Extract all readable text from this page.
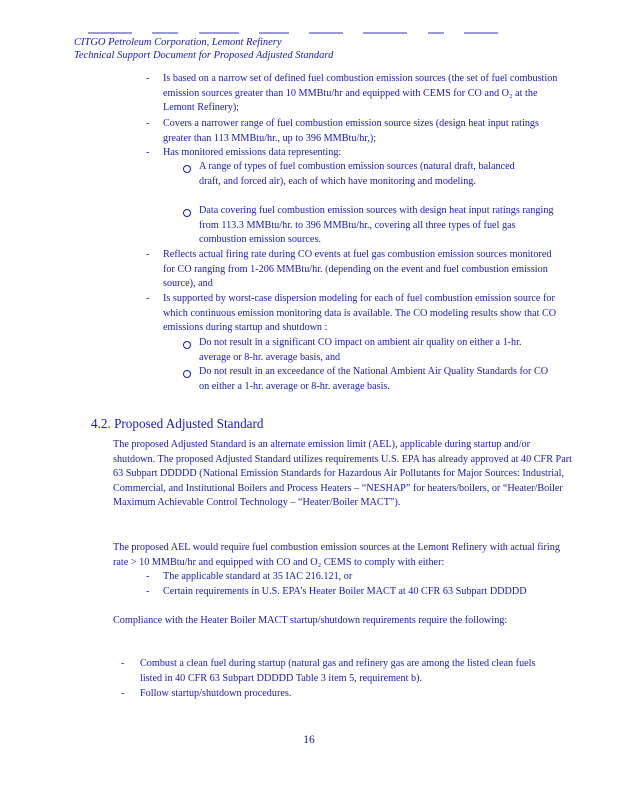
CITGO Petroleum Corporation, Lemont Refinery
Technical Support Document for Proposed Adjusted Standard
-	Is based on a narrow set of defined fuel combustion emission sources (the set of fuel combustion emission sources greater than 10 MMBtu/hr and equipped with CEMS for CO and O₂ at the Lemont Refinery);
-	Covers a narrower range of fuel combustion emission source sizes (design heat input ratings greater than 113 MMBtu/hr., up to 396 MMBtu/hr,);
-	Has monitored emissions data representing:
A range of types of fuel combustion emission sources (natural draft, balanced draft, and forced air), each of which have monitoring and modeling.
Data covering fuel combustion emission sources with design heat input ratings ranging from 113.3 MMBtu/hr. to 396 MMBtu/hr., covering all three types of fuel gas combustion emission sources.
-	Reflects actual firing rate during CO events at fuel gas combustion emission sources monitored for CO ranging from 1-206 MMBtu/hr. (depending on the event and fuel combustion emission source), and
-	Is supported by worst-case dispersion modeling for each of fuel combustion emission source for which continuous emission monitoring data is available. The CO modeling results show that CO emissions during startup and shutdown :
Do not result in a significant CO impact on ambient air quality on either a 1-hr. average or 8-hr. average basis, and
Do not result in an exceedance of the National Ambient Air Quality Standards for CO on either a 1-hr. average or 8-hr. average basis.
4.2. Proposed Adjusted Standard
The proposed Adjusted Standard is an alternate emission limit (AEL), applicable during startup and/or shutdown. The proposed Adjusted Standard utilizes requirements U.S. EPA has already approved at 40 CFR Part 63 Subpart DDDDD (National Emission Standards for Hazardous Air Pollutants for Major Sources: Industrial, Commercial, and Institutional Boilers and Process Heaters – “NESHAP” for heaters/boilers, or “Heater/Boiler Maximum Achievable Control Technology – “Heater/Boiler MACT”).
The proposed AEL would require fuel combustion emission sources at the Lemont Refinery with actual firing rate > 10 MMBtu/hr and equipped with CO and O₂ CEMS to comply with either:
-	The applicable standard at 35 IAC 216.121, or
-	Certain requirements in U.S. EPA’s Heater Boiler MACT at 40 CFR 63 Subpart DDDDD
Compliance with the Heater Boiler MACT startup/shutdown requirements require the following:
-	Combust a clean fuel during startup (natural gas and refinery gas are among the listed clean fuels listed in 40 CFR 63 Subpart DDDDD Table 3 item 5, requirement b).
-	Follow startup/shutdown procedures.
16
